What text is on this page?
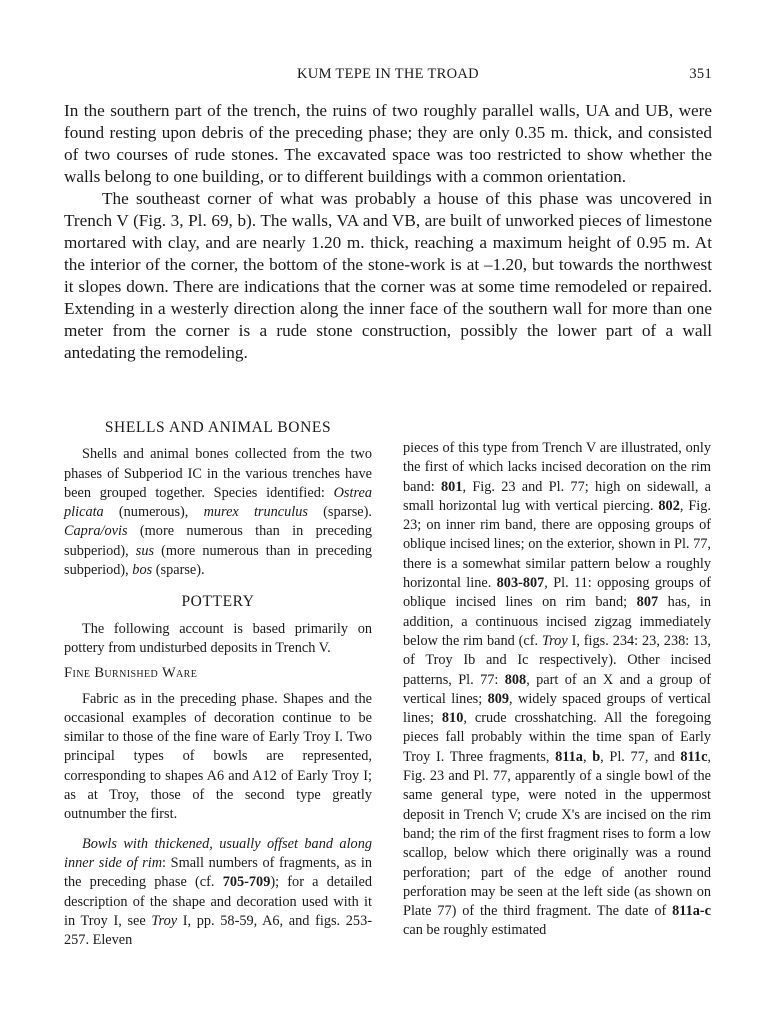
KUM TEPE IN THE TROAD	351

In the southern part of the trench, the ruins of two roughly parallel walls, UA and UB, were found resting upon debris of the preceding phase; they are only 0.35 m. thick, and consisted of two courses of rude stones. The excavated space was too restricted to show whether the walls belong to one building, or to different buildings with a common orientation.

The southeast corner of what was probably a house of this phase was uncovered in Trench V (Fig. 3, Pl. 69, b). The walls, VA and VB, are built of unworked pieces of limestone mortared with clay, and are nearly 1.20 m. thick, reaching a maximum height of 0.95 m. At the interior of the corner, the bottom of the stone-work is at –1.20, but towards the northwest it slopes down. There are indications that the corner was at some time remodeled or repaired. Extending in a westerly direction along the inner face of the southern wall for more than one meter from the corner is a rude stone construction, possibly the lower part of a wall antedating the remodeling.

SHELLS AND ANIMAL BONES

Shells and animal bones collected from the two phases of Subperiod IC in the various trenches have been grouped together. Species identified: Ostrea plicata (numerous), murex trunculus (sparse). Capra/ovis (more numerous than in preceding subperiod), sus (more numerous than in preceding subperiod), bos (sparse).

POTTERY

The following account is based primarily on pottery from undisturbed deposits in Trench V.

Fine Burnished Ware

Fabric as in the preceding phase. Shapes and the occasional examples of decoration continue to be similar to those of the fine ware of Early Troy I. Two principal types of bowls are represented, corresponding to shapes A6 and A12 of Early Troy I; as at Troy, those of the second type greatly outnumber the first.

Bowls with thickened, usually offset band along inner side of rim: Small numbers of fragments, as in the preceding phase (cf. 705-709); for a detailed description of the shape and decoration used with it in Troy I, see Troy I, pp. 58-59, A6, and figs. 253-257. Eleven

pieces of this type from Trench V are illustrated, only the first of which lacks incised decoration on the rim band: 801, Fig. 23 and Pl. 77; high on sidewall, a small horizontal lug with vertical piercing. 802, Fig. 23; on inner rim band, there are opposing groups of oblique incised lines; on the exterior, shown in Pl. 77, there is a somewhat similar pattern below a roughly horizontal line. 803-807, Pl. 11: opposing groups of oblique incised lines on rim band; 807 has, in addition, a continuous incised zigzag immediately below the rim band (cf. Troy I, figs. 234: 23, 238: 13, of Troy Ib and Ic respectively). Other incised patterns, Pl. 77: 808, part of an X and a group of vertical lines; 809, widely spaced groups of vertical lines; 810, crude crosshatching. All the foregoing pieces fall probably within the time span of Early Troy I. Three fragments, 811a, b, Pl. 77, and 811c, Fig. 23 and Pl. 77, apparently of a single bowl of the same general type, were noted in the uppermost deposit in Trench V; crude X's are incised on the rim band; the rim of the first fragment rises to form a low scallop, below which there originally was a round perforation; part of the edge of another round perforation may be seen at the left side (as shown on Plate 77) of the third fragment. The date of 811a-c can be roughly estimated
